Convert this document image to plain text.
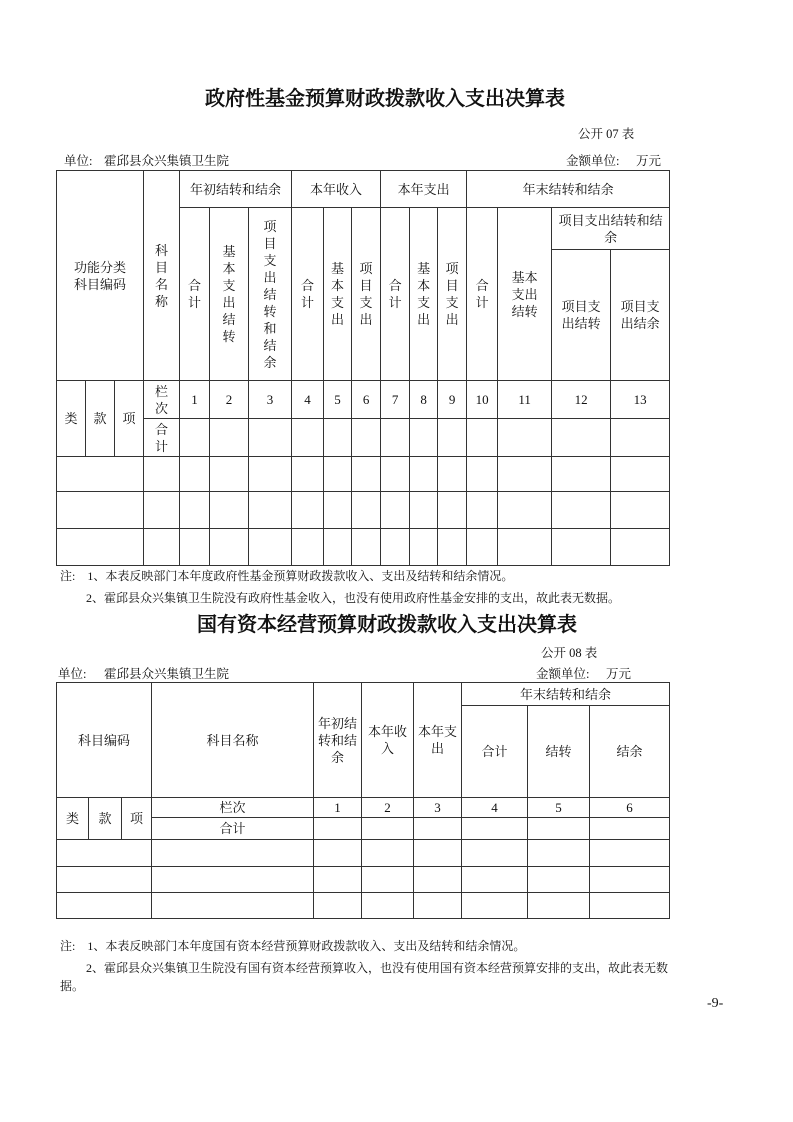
政府性基金预算财政拨款收入支出决算表
公开 07 表
单位: 霍邱县众兴集镇卫生院	金额单位: 万元
功能分类科目编码			科目名称	年初结转和结余			本年收入			本年支出			年末结转和结余			
				合计	基本支出结转	项目支出结转和结余	合计	基本支出	项目支出	合计	基本支出	项目支出	合计	基本支出结转	项目支出结转和结余	
															项目支出结转	项目支出结余
类	款	项	栏次	1	2	3	4	5	6	7	8	9	10	11	12	13
			合计													

注:　1、本表反映部门本年度政府性基金预算财政拨款收入、支出及结转和结余情况。
2、霍邱县众兴集镇卫生院没有政府性基金收入，也没有使用政府性基金安排的支出，故此表无数据。
国有资本经营预算财政拨款收入支出决算表
公开 08 表
单位: 霍邱县众兴集镇卫生院	金额单位: 万元
科目编码			科目名称	年初结转和结余	本年收入	本年支出	年末结转和结余		
							合计	结转	结余
类	款	项	栏次	1	2	3	4	5	6
			合计						

注:　1、本表反映部门本年度国有资本经营预算财政拨款收入、支出及结转和结余情况。
2、霍邱县众兴集镇卫生院没有国有资本经营预算收入，也没有使用国有资本经营预算安排的支出，故此表无数
据。
-9-
